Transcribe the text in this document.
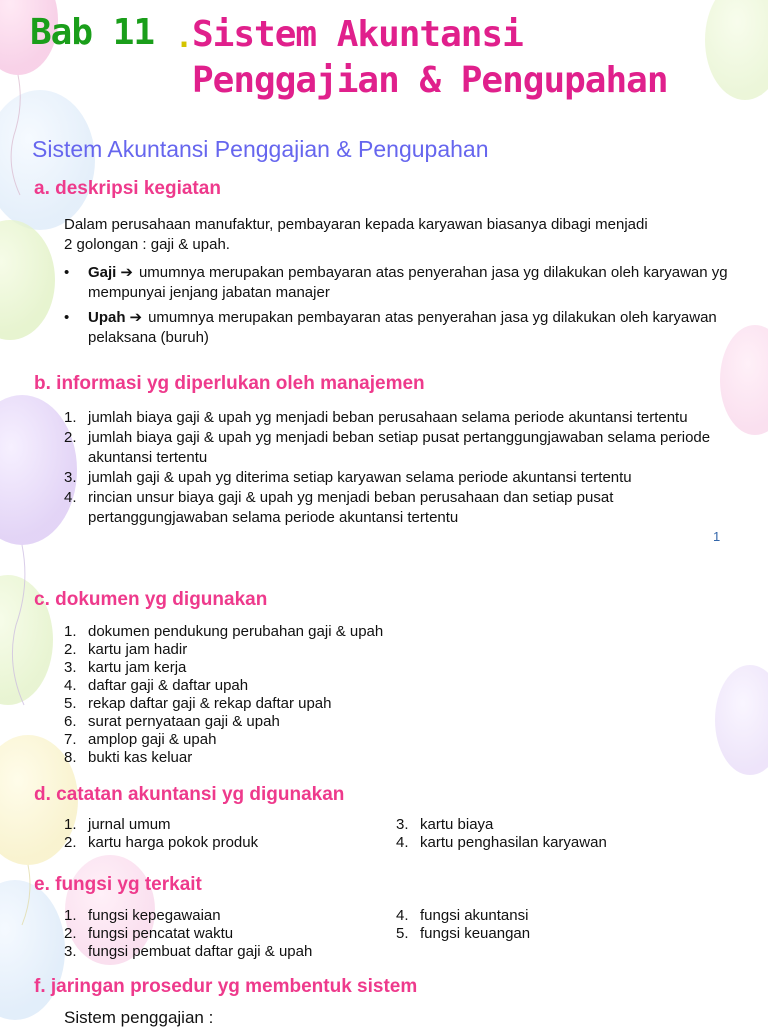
Bab 11 .
Sistem Akuntansi
Penggajian & Pengupahan
Sistem Akuntansi Penggajian & Pengupahan
a. deskripsi kegiatan
Dalam perusahaan manufaktur, pembayaran kepada karyawan biasanya dibagi menjadi
2 golongan : gaji & upah.
• Gaji ➔ umumnya merupakan pembayaran atas penyerahan jasa yg dilakukan oleh karyawan yg mempunyai jenjang jabatan manajer
• Upah ➔ umumnya merupakan pembayaran atas penyerahan jasa yg dilakukan oleh karyawan pelaksana (buruh)
b. informasi yg diperlukan oleh manajemen
1. jumlah biaya gaji & upah yg menjadi beban perusahaan selama periode akuntansi tertentu
2. jumlah biaya gaji & upah yg menjadi beban setiap pusat pertanggungjawaban selama periode akuntansi tertentu
3. jumlah gaji & upah yg diterima setiap karyawan selama periode akuntansi tertentu
4. rincian unsur biaya gaji & upah yg menjadi beban perusahaan dan setiap pusat pertanggungjawaban selama periode akuntansi tertentu
1
c. dokumen yg digunakan
1. dokumen pendukung perubahan gaji & upah
2. kartu jam hadir
3. kartu jam kerja
4. daftar gaji & daftar upah
5. rekap daftar gaji & rekap daftar upah
6. surat pernyataan gaji & upah
7. amplop gaji & upah
8. bukti kas keluar
d. catatan akuntansi yg digunakan
1. jurnal umum
2. kartu harga pokok produk
3. kartu biaya
4. kartu penghasilan karyawan
e. fungsi yg terkait
1. fungsi kepegawaian
2. fungsi pencatat waktu
3. fungsi pembuat daftar gaji & upah
4. fungsi akuntansi
5. fungsi keuangan
f. jaringan prosedur yg membentuk sistem
Sistem penggajian :
